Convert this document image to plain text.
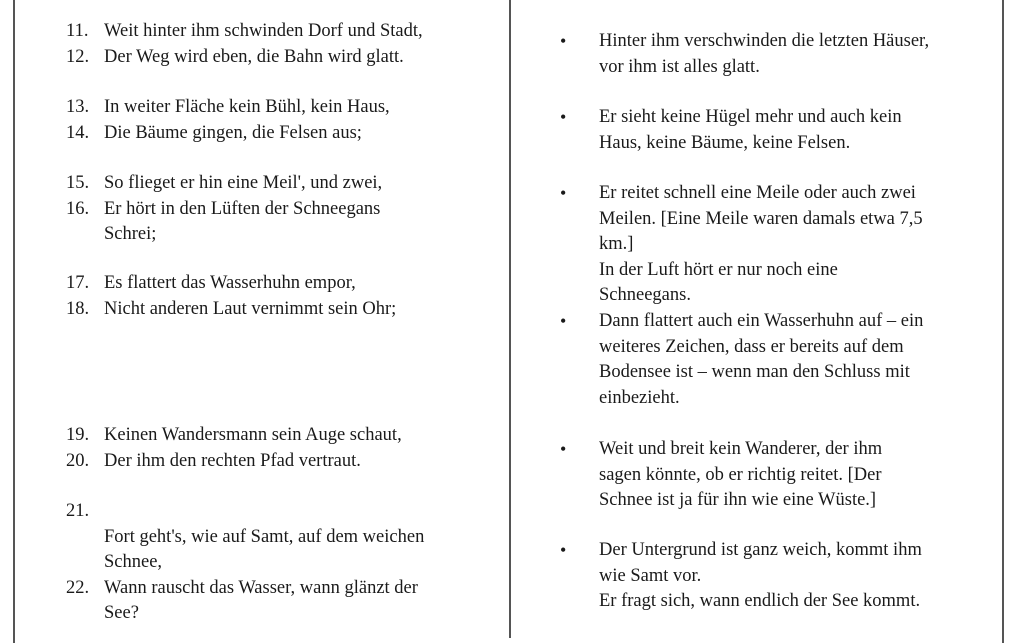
11. Weit hinter ihm schwinden Dorf und Stadt,
12. Der Weg wird eben, die Bahn wird glatt.
13. In weiter Fläche kein Bühl, kein Haus,
14. Die Bäume gingen, die Felsen aus;
15. So flieget er hin eine Meil', und zwei,
16. Er hört in den Lüften der Schneegans
Schrei;
17. Es flattert das Wasserhuhn empor,
18. Nicht anderen Laut vernimmt sein Ohr;
19. Keinen Wandersmann sein Auge schaut,
20. Der ihm den rechten Pfad vertraut.
21.
Fort geht's, wie auf Samt, auf dem weichen
Schnee,
22. Wann rauscht das Wasser, wann glänzt der
See?
• Hinter ihm verschwinden die letzten Häuser,
vor ihm ist alles glatt.
• Er sieht keine Hügel mehr und auch kein
Haus, keine Bäume, keine Felsen.
• Er reitet schnell eine Meile oder auch zwei
Meilen. [Eine Meile waren damals etwa 7,5
km.]
In der Luft hört er nur noch eine
Schneegans.
• Dann flattert auch ein Wasserhuhn auf – ein
weiteres Zeichen, dass er bereits auf dem
Bodensee ist – wenn man den Schluss mit
einbezieht.
• Weit und breit kein Wanderer, der ihm
sagen könnte, ob er richtig reitet. [Der
Schnee ist ja für ihn wie eine Wüste.]
• Der Untergrund ist ganz weich, kommt ihm
wie Samt vor.
Er fragt sich, wann endlich der See kommt.
